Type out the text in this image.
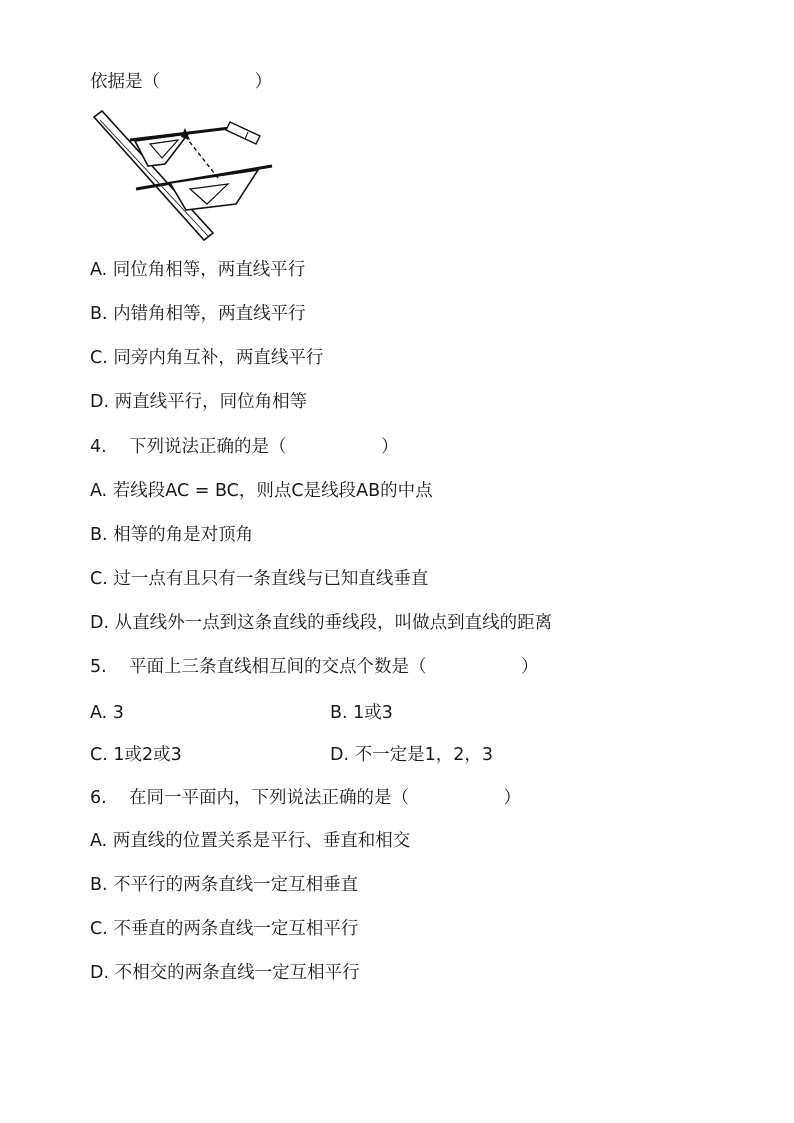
依据是（                 ）
A. 同位角相等，两直线平行
B. 内错角相等，两直线平行
C. 同旁内角互补，两直线平行
D. 两直线平行，同位角相等
4.    下列说法正确的是（                 ）
A. 若线段AC = BC，则点C是线段AB的中点
B. 相等的角是对顶角
C. 过一点有且只有一条直线与已知直线垂直
D. 从直线外一点到这条直线的垂线段，叫做点到直线的距离
5.    平面上三条直线相互间的交点个数是（                 ）
A. 3	B. 1或3
C. 1或2或3	D. 不一定是1，2，3
6.    在同一平面内，下列说法正确的是（                 ）
A. 两直线的位置关系是平行、垂直和相交
B. 不平行的两条直线一定互相垂直
C. 不垂直的两条直线一定互相平行
D. 不相交的两条直线一定互相平行
